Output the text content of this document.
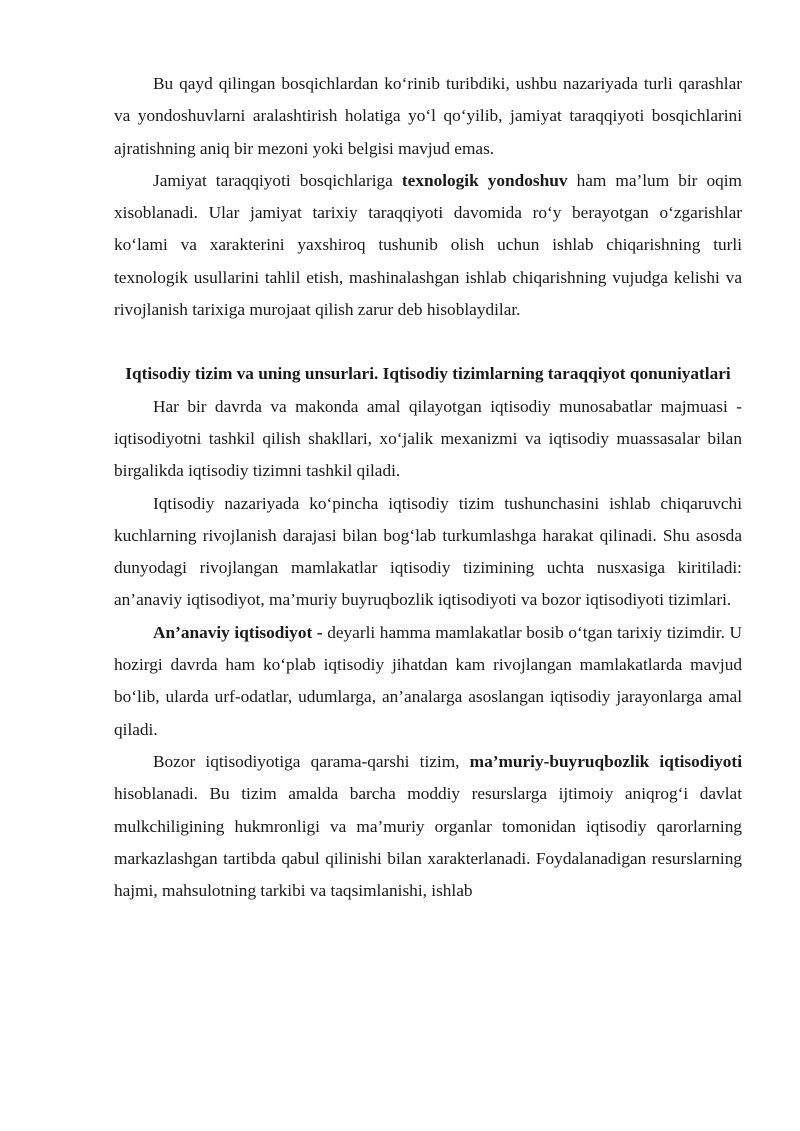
Bu qayd qilingan bosqichlardan ko‘rinib turibdiki, ushbu nazariyada turli qarashlar va yondoshuvlarni aralashtirish holatiga yo‘l qo‘yilib, jamiyat taraqqiyoti bosqichlarini ajratishning aniq bir mezoni yoki belgisi mavjud emas.

Jamiyat taraqqiyoti bosqichlariga texnologik yondoshuv ham ma’lum bir oqim xisoblanadi. Ular jamiyat tarixiy taraqqiyoti davomida ro‘y berayotgan o‘zgarishlar ko‘lami va xarakterini yaxshiroq tushunib olish uchun ishlab chiqarishning turli texnologik usullarini tahlil etish, mashinalashgan ishlab chiqarishning vujudga kelishi va rivojlanish tarixiga murojaat qilish zarur deb hisoblaydilar.

Iqtisodiy tizim va uning unsurlari. Iqtisodiy tizimlarning taraqqiyot qonuniyatlari

Har bir davrda va makonda amal qilayotgan iqtisodiy munosabatlar majmuasi -iqtisodiyotni tashkil qilish shakllari, xo‘jalik mexanizmi va iqtisodiy muassasalar bilan birgalikda iqtisodiy tizimni tashkil qiladi.

Iqtisodiy nazariyada ko‘pincha iqtisodiy tizim tushunchasini ishlab chiqaruvchi kuchlarning rivojlanish darajasi bilan bog‘lab turkumlashga harakat qilinadi. Shu asosda dunyodagi rivojlangan mamlakatlar iqtisodiy tizimining uchta nusxasiga kiritiladi: an’anaviy iqtisodiyot, ma’muriy buyruqbozlik iqtisodiyoti va bozor iqtisodiyoti tizimlari.

An’anaviy iqtisodiyot - deyarli hamma mamlakatlar bosib o‘tgan tarixiy tizimdir. U hozirgi davrda ham ko‘plab iqtisodiy jihatdan kam rivojlangan mamlakatlarda mavjud bo‘lib, ularda urf-odatlar, udumlarga, an’analarga asoslangan iqtisodiy jarayonlarga amal qiladi.

Bozor iqtisodiyotiga qarama-qarshi tizim, ma’muriy-buyruqbozlik iqtisodiyoti hisoblanadi. Bu tizim amalda barcha moddiy resurslarga ijtimoiy aniqrog‘i davlat mulkchiligining hukmronligi va ma’muriy organlar tomonidan iqtisodiy qarorlarning markazlashgan tartibda qabul qilinishi bilan xarakterlanadi. Foydalanadigan resurslarning hajmi, mahsulotning tarkibi va taqsimlanishi, ishlab
